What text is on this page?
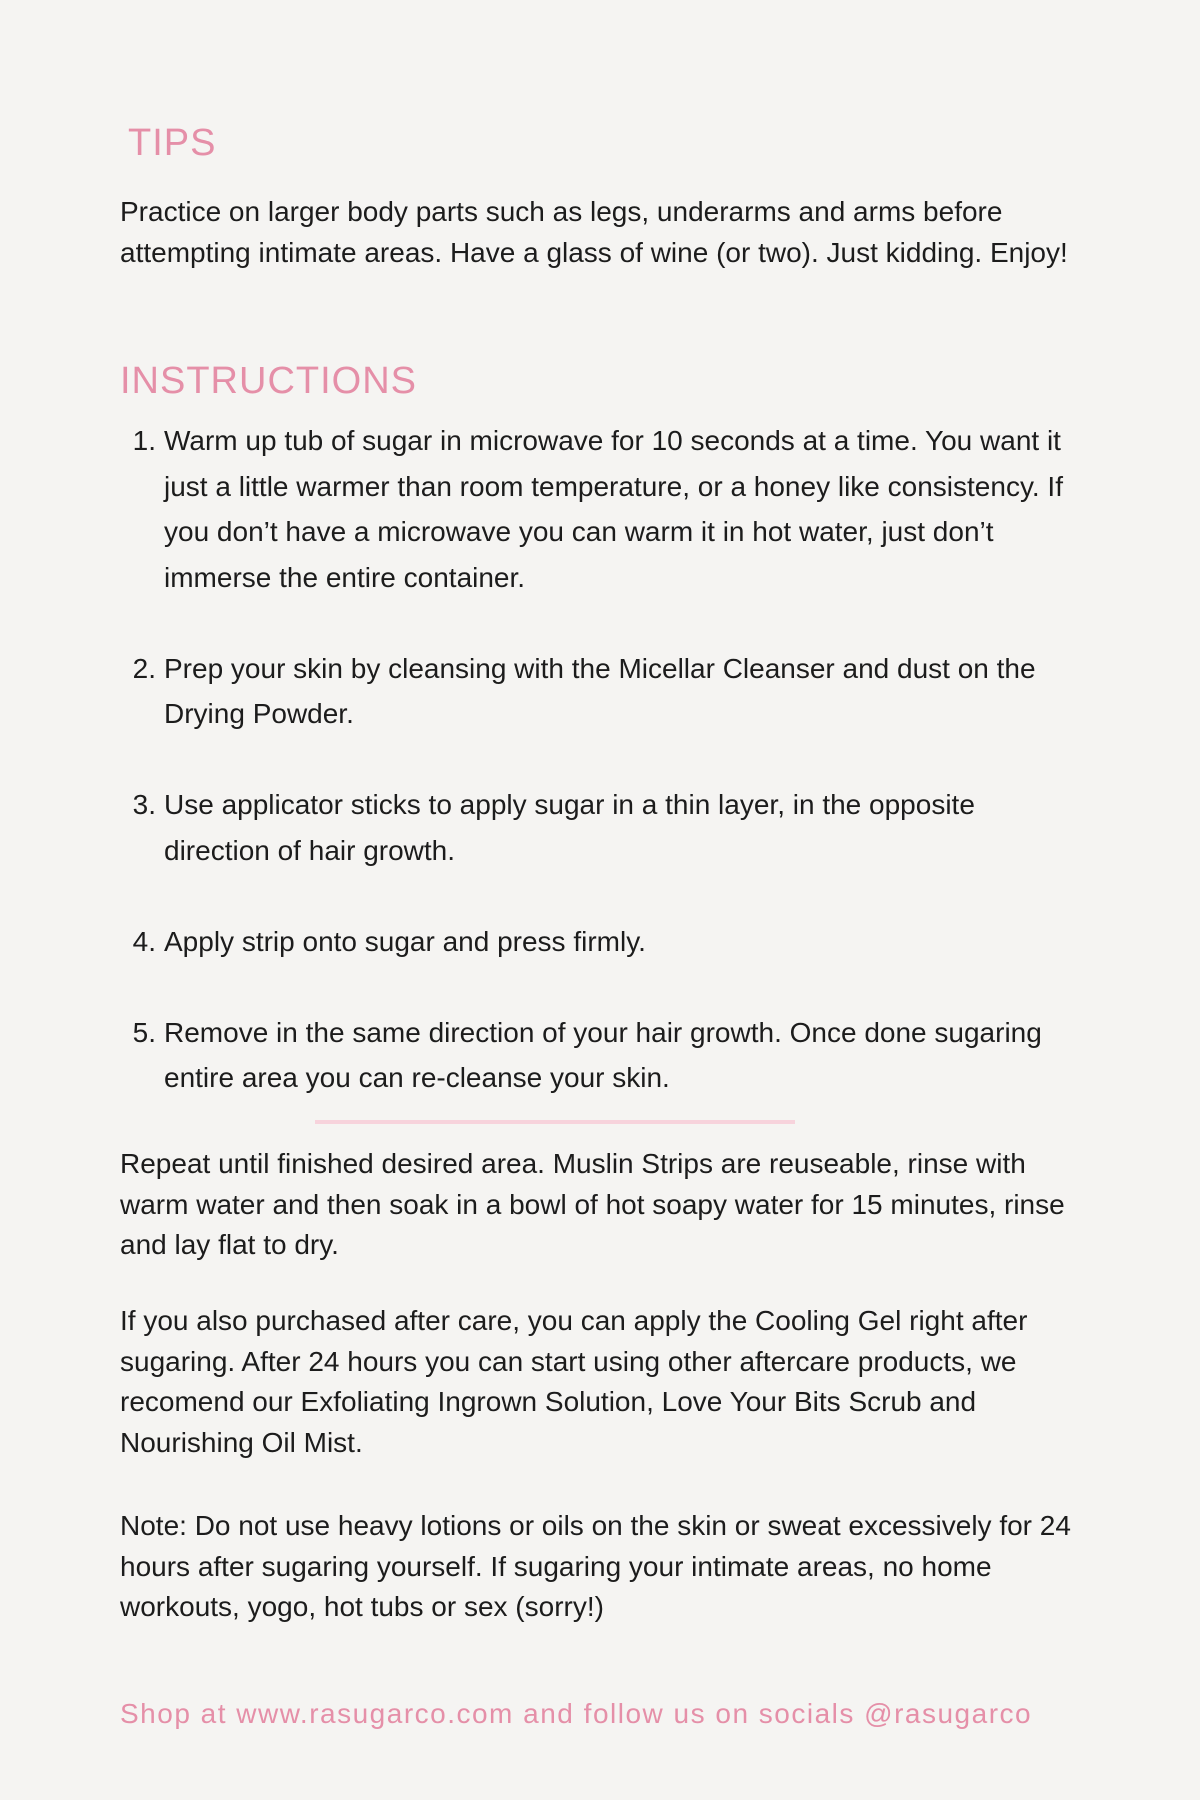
TIPS

Practice on larger body parts such as legs, underarms and arms before attempting intimate areas. Have a glass of wine (or two). Just kidding. Enjoy!

INSTRUCTIONS
1. Warm up tub of sugar in microwave for 10 seconds at a time. You want it just a little warmer than room temperature, or a honey like consistency. If you don’t have a microwave you can warm it in hot water, just don’t immerse the entire container.
2. Prep your skin by cleansing with the Micellar Cleanser and dust on the Drying Powder.
3. Use applicator sticks to apply sugar in a thin layer, in the opposite direction of hair growth.
4. Apply strip onto sugar and press firmly.
5. Remove in the same direction of your hair growth. Once done sugaring entire area you can re-cleanse your skin.

Repeat until finished desired area. Muslin Strips are reuseable, rinse with warm water and then soak in a bowl of hot soapy water for 15 minutes, rinse and lay flat to dry.

If you also purchased after care, you can apply the Cooling Gel right after sugaring. After 24 hours you can start using other aftercare products, we recomend our Exfoliating Ingrown Solution, Love Your Bits Scrub and Nourishing Oil Mist.

Note: Do not use heavy lotions or oils on the skin or sweat excessively for 24 hours after sugaring yourself. If sugaring your intimate areas, no home workouts, yogo, hot tubs or sex (sorry!)

Shop at www.rasugarco.com and follow us on socials @rasugarco
